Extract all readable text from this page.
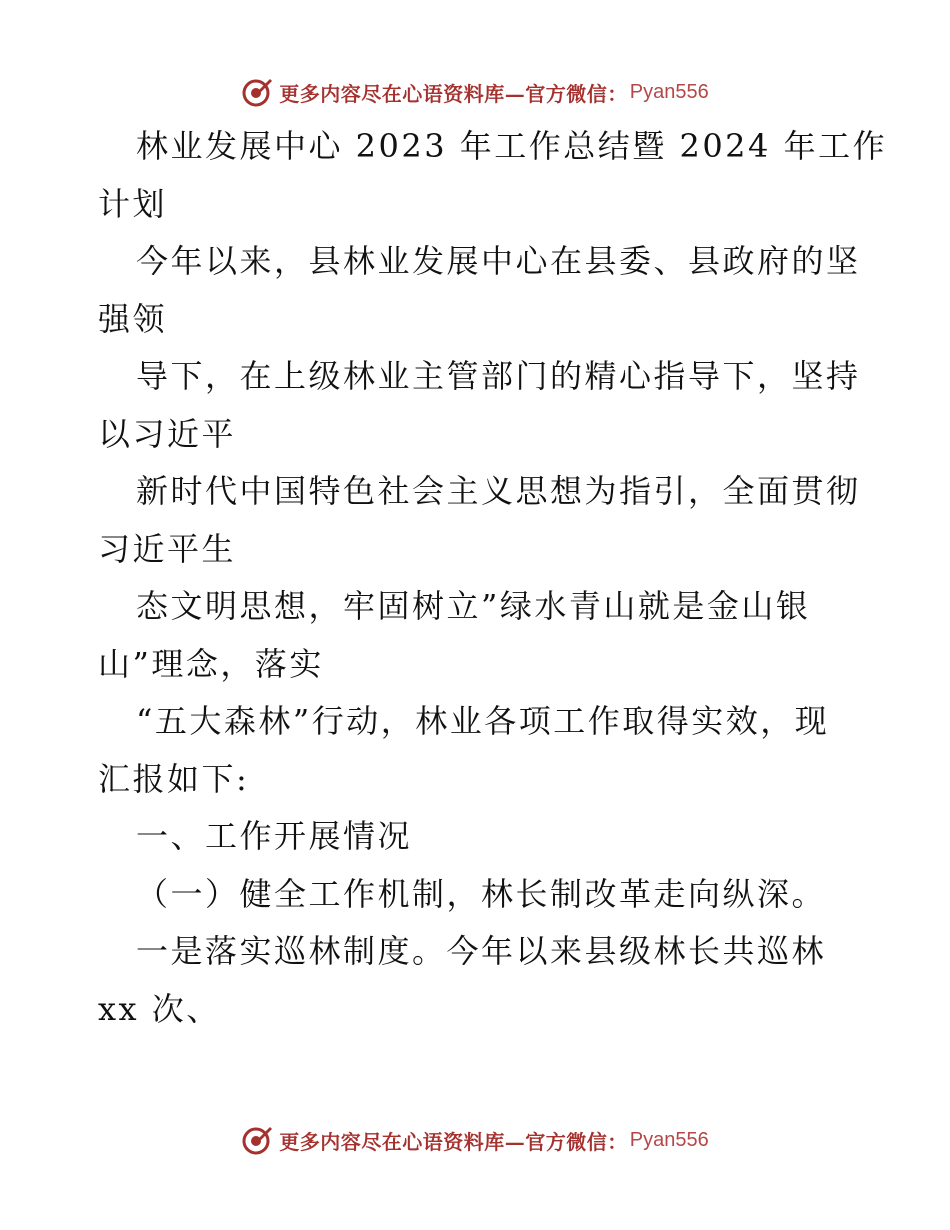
更多内容尽在心语资料库—官方微信： Pyan556

林业发展中心 2023 年工作总结暨 2024 年工作

计划

今年以来，县林业发展中心在县委、县政府的坚

强领

导下，在上级林业主管部门的精心指导下，坚持

以习近平

新时代中国特色社会主义思想为指引，全面贯彻

习近平生

态文明思想，牢固树立”绿水青山就是金山银

山”理念，落实

“五大森林”行动，林业各项工作取得实效，现

汇报如下:

一、工作开展情况

（一）健全工作机制，林长制改革走向纵深。

一是落实巡林制度。今年以来县级林长共巡林

xx 次、

更多内容尽在心语资料库—官方微信： Pyan556
